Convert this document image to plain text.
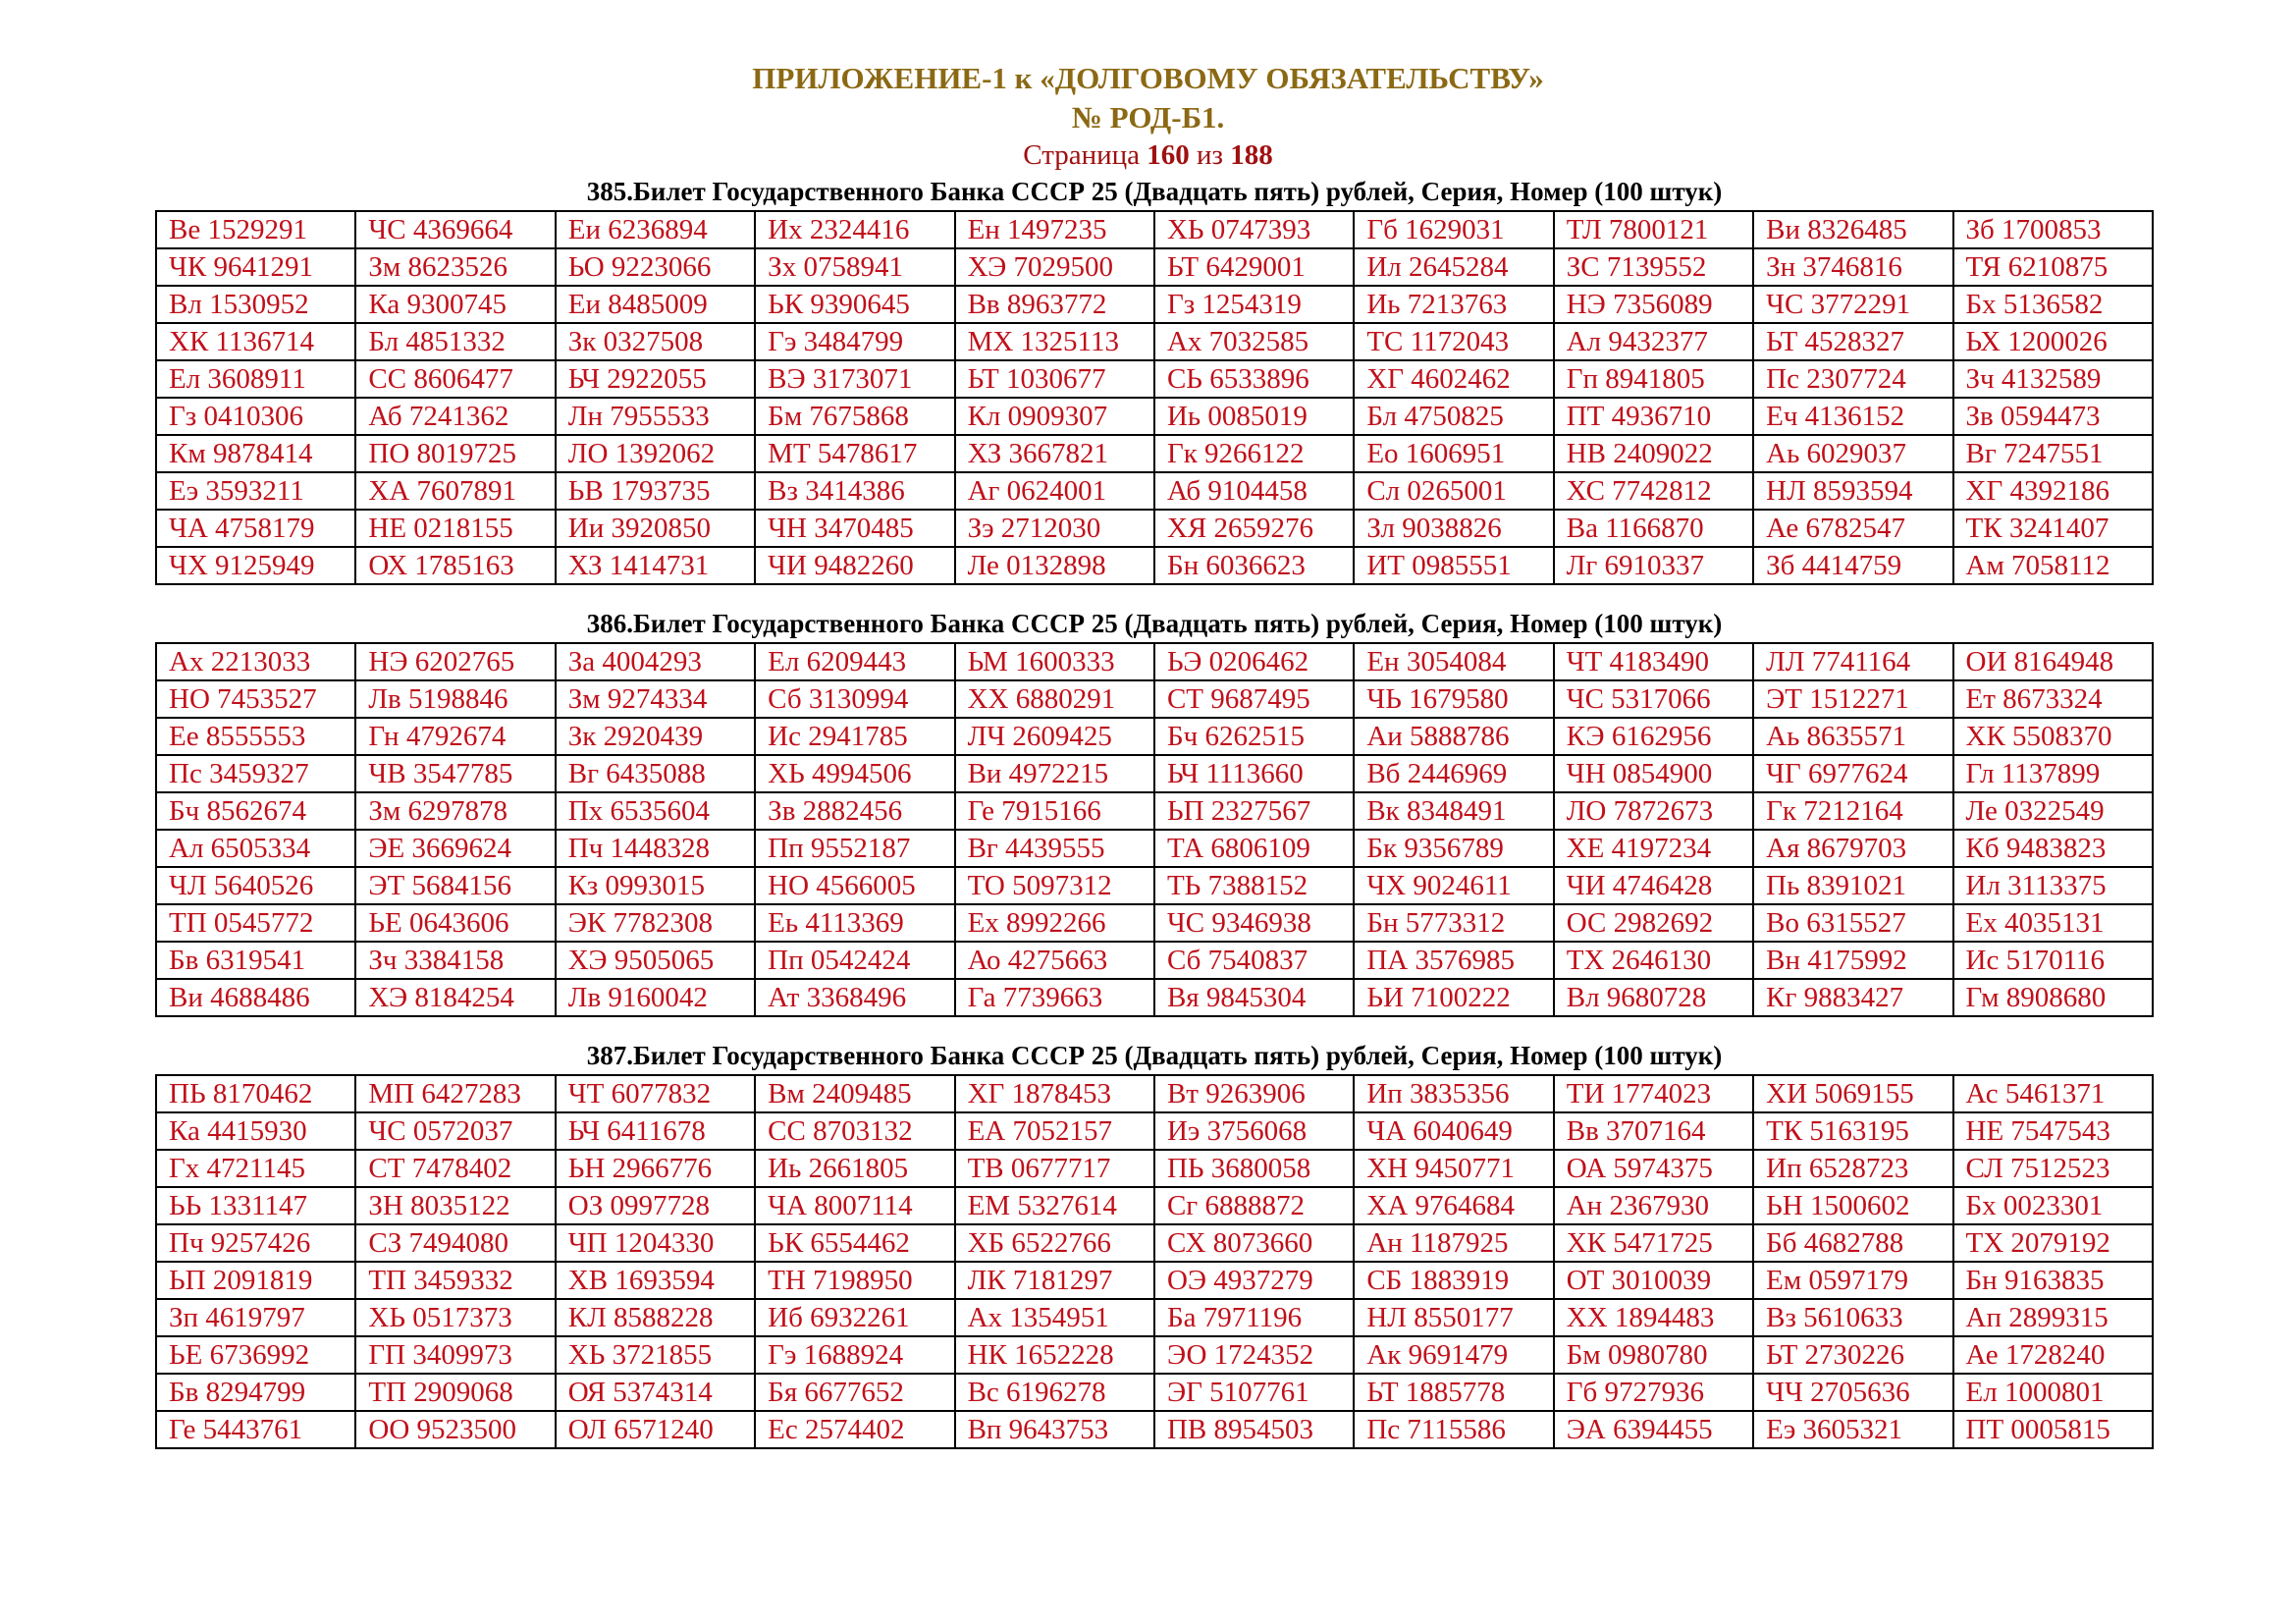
ПРИЛОЖЕНИЕ-1 к «ДОЛГОВОМУ ОБЯЗАТЕЛЬСТВУ»
№ РОД-Б1.
Страница 160 из 188
385.Билет Государственного Банка СССР 25 (Двадцать пять) рублей, Серия, Номер (100 штук)
Ве 1529291	ЧС 4369664	Еи 6236894	Их 2324416	Ен 1497235	ХЬ 0747393	Гб 1629031	ТЛ 7800121	Ви 8326485	Зб 1700853
ЧК 9641291	Зм 8623526	ЬО 9223066	Зх 0758941	ХЭ 7029500	ЬТ 6429001	Ил 2645284	ЗС 7139552	Зн 3746816	ТЯ 6210875
Вл 1530952	Ка 9300745	Еи 8485009	ЬК 9390645	Вв 8963772	Гз 1254319	Иь 7213763	НЭ 7356089	ЧС 3772291	Бх 5136582
ХК 1136714	Бл 4851332	Зк 0327508	Гэ 3484799	МХ 1325113	Ах 7032585	ТС 1172043	Ал 9432377	ЬТ 4528327	ЬХ 1200026
Ел 3608911	СС 8606477	ЬЧ 2922055	ВЭ 3173071	ЬТ 1030677	СЬ 6533896	ХГ 4602462	Гп 8941805	Пс 2307724	Зч 4132589
Гз 0410306	Аб 7241362	Лн 7955533	Бм 7675868	Кл 0909307	Иь 0085019	Бл 4750825	ПТ 4936710	Еч 4136152	Зв 0594473
Км 9878414	ПО 8019725	ЛО 1392062	МТ 5478617	ХЗ 3667821	Гк 9266122	Ео 1606951	НВ 2409022	Аь 6029037	Вг 7247551
Еэ 3593211	ХА 7607891	ЬВ 1793735	Вз 3414386	Аг 0624001	Аб 9104458	Сл 0265001	ХС 7742812	НЛ 8593594	ХГ 4392186
ЧА 4758179	НЕ 0218155	Ии 3920850	ЧН 3470485	Зэ 2712030	ХЯ 2659276	Зл 9038826	Ва 1166870	Ае 6782547	ТК 3241407
ЧХ 9125949	ОХ 1785163	ХЗ 1414731	ЧИ 9482260	Ле 0132898	Бн 6036623	ИТ 0985551	Лг 6910337	Зб 4414759	Ам 7058112
386.Билет Государственного Банка СССР 25 (Двадцать пять) рублей, Серия, Номер (100 штук)
Ах 2213033	НЭ 6202765	За 4004293	Ел 6209443	ЬМ 1600333	ЬЭ 0206462	Ен 3054084	ЧТ 4183490	ЛЛ 7741164	ОИ 8164948
НО 7453527	Лв 5198846	Зм 9274334	Сб 3130994	ХХ 6880291	СТ 9687495	ЧЬ 1679580	ЧС 5317066	ЭТ 1512271	Ет 8673324
Ее 8555553	Гн 4792674	Зк 2920439	Ис 2941785	ЛЧ 2609425	Бч 6262515	Аи 5888786	КЭ 6162956	Аь 8635571	ХК 5508370
Пс 3459327	ЧВ 3547785	Вг 6435088	ХЬ 4994506	Ви 4972215	ЬЧ 1113660	Вб 2446969	ЧН 0854900	ЧГ 6977624	Гл 1137899
Бч 8562674	Зм 6297878	Пх 6535604	Зв 2882456	Ге 7915166	ЬП 2327567	Вк 8348491	ЛО 7872673	Гк 7212164	Ле 0322549
Ал 6505334	ЭЕ 3669624	Пч 1448328	Пп 9552187	Вг 4439555	ТА 6806109	Бк 9356789	ХЕ 4197234	Ая 8679703	Кб 9483823
ЧЛ 5640526	ЭТ 5684156	Кз 0993015	НО 4566005	ТО 5097312	ТЬ 7388152	ЧХ 9024611	ЧИ 4746428	Пь 8391021	Ил 3113375
ТП 0545772	ЬЕ 0643606	ЭК 7782308	Еь 4113369	Ех 8992266	ЧС 9346938	Бн 5773312	ОС 2982692	Во 6315527	Ех 4035131
Бв 6319541	Зч 3384158	ХЭ 9505065	Пп 0542424	Ао 4275663	Сб 7540837	ПА 3576985	ТХ 2646130	Вн 4175992	Ис 5170116
Ви 4688486	ХЭ 8184254	Лв 9160042	Ат 3368496	Га 7739663	Вя 9845304	ЬИ 7100222	Вл 9680728	Кг 9883427	Гм 8908680
387.Билет Государственного Банка СССР 25 (Двадцать пять) рублей, Серия, Номер (100 штук)
ПЬ 8170462	МП 6427283	ЧТ 6077832	Вм 2409485	ХГ 1878453	Вт 9263906	Ип 3835356	ТИ 1774023	ХИ 5069155	Ас 5461371
Ка 4415930	ЧС 0572037	ЬЧ 6411678	СС 8703132	ЕА 7052157	Иэ 3756068	ЧА 6040649	Вв 3707164	ТК 5163195	НЕ 7547543
Гх 4721145	СТ 7478402	ЬН 2966776	Иь 2661805	ТВ 0677717	ПЬ 3680058	ХН 9450771	ОА 5974375	Ип 6528723	СЛ 7512523
ЬЬ 1331147	ЗН 8035122	ОЗ 0997728	ЧА 8007114	ЕМ 5327614	Сг 6888872	ХА 9764684	Ан 2367930	ЬН 1500602	Бх 0023301
Пч 9257426	СЗ 7494080	ЧП 1204330	ЬК 6554462	ХБ 6522766	СХ 8073660	Ан 1187925	ХК 5471725	Бб 4682788	ТХ 2079192
ЬП 2091819	ТП 3459332	ХВ 1693594	ТН 7198950	ЛК 7181297	ОЭ 4937279	СБ 1883919	ОТ 3010039	Ем 0597179	Бн 9163835
Зп 4619797	ХЬ 0517373	КЛ 8588228	Иб 6932261	Ах 1354951	Ба 7971196	НЛ 8550177	ХХ 1894483	Вз 5610633	Ап 2899315
ЬЕ 6736992	ГП 3409973	ХЬ 3721855	Гэ 1688924	НК 1652228	ЭО 1724352	Ак 9691479	Бм 0980780	ЬТ 2730226	Ае 1728240
Бв 8294799	ТП 2909068	ОЯ 5374314	Бя 6677652	Вс 6196278	ЭГ 5107761	ЬТ 1885778	Гб 9727936	ЧЧ 2705636	Ел 1000801
Ге 5443761	ОО 9523500	ОЛ 6571240	Ес 2574402	Вп 9643753	ПВ 8954503	Пс 7115586	ЭА 6394455	Еэ 3605321	ПТ 0005815
